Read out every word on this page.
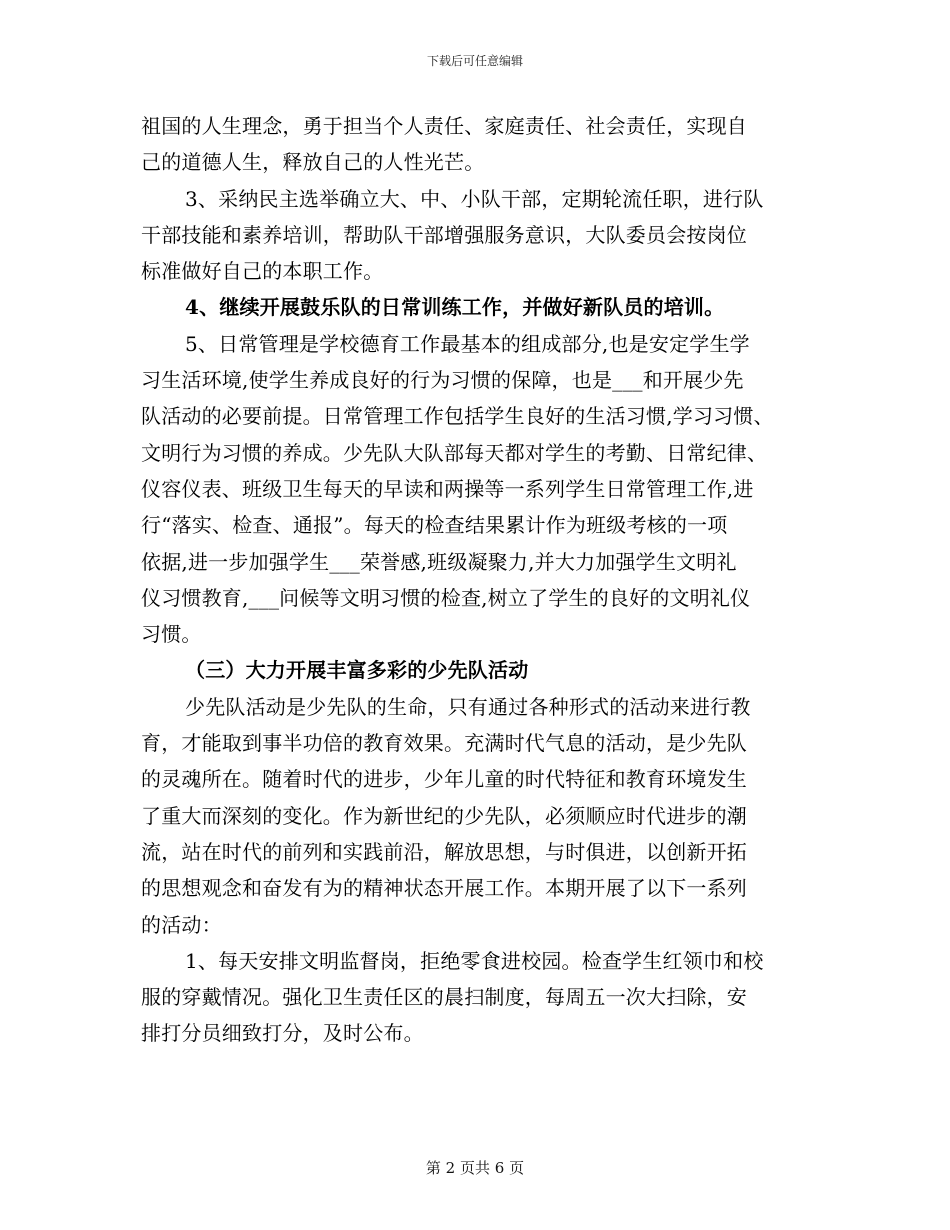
下载后可任意编辑
祖国的人生理念，勇于担当个人责任、家庭责任、社会责任，实现自
己的道德人生，释放自己的人性光芒。
3、采纳民主选举确立大、中、小队干部，定期轮流任职，进行队
干部技能和素养培训，帮助队干部增强服务意识，大队委员会按岗位
标准做好自己的本职工作。
4、继续开展鼓乐队的日常训练工作，并做好新队员的培训。
5、日常管理是学校德育工作最基本的组成部分,也是安定学生学
习生活环境,使学生养成良好的行为习惯的保障，也是___和开展少先
队活动的必要前提。日常管理工作包括学生良好的生活习惯,学习习惯、
文明行为习惯的养成。少先队大队部每天都对学生的考勤、日常纪律、
仪容仪表、班级卫生每天的早读和两操等一系列学生日常管理工作,进
行“落实、检查、通报”。每天的检查结果累计作为班级考核的一项
依据,进一步加强学生___荣誉感,班级凝聚力,并大力加强学生文明礼
仪习惯教育,___问候等文明习惯的检查,树立了学生的良好的文明礼仪
习惯。
（三）大力开展丰富多彩的少先队活动
少先队活动是少先队的生命，只有通过各种形式的活动来进行教
育，才能取到事半功倍的教育效果。充满时代气息的活动，是少先队
的灵魂所在。随着时代的进步，少年儿童的时代特征和教育环境发生
了重大而深刻的变化。作为新世纪的少先队，必须顺应时代进步的潮
流，站在时代的前列和实践前沿，解放思想，与时俱进，以创新开拓
的思想观念和奋发有为的精神状态开展工作。本期开展了以下一系列
的活动：
1、每天安排文明监督岗，拒绝零食进校园。检查学生红领巾和校
服的穿戴情况。强化卫生责任区的晨扫制度，每周五一次大扫除，安
排打分员细致打分，及时公布。
第 2 页共 6 页
